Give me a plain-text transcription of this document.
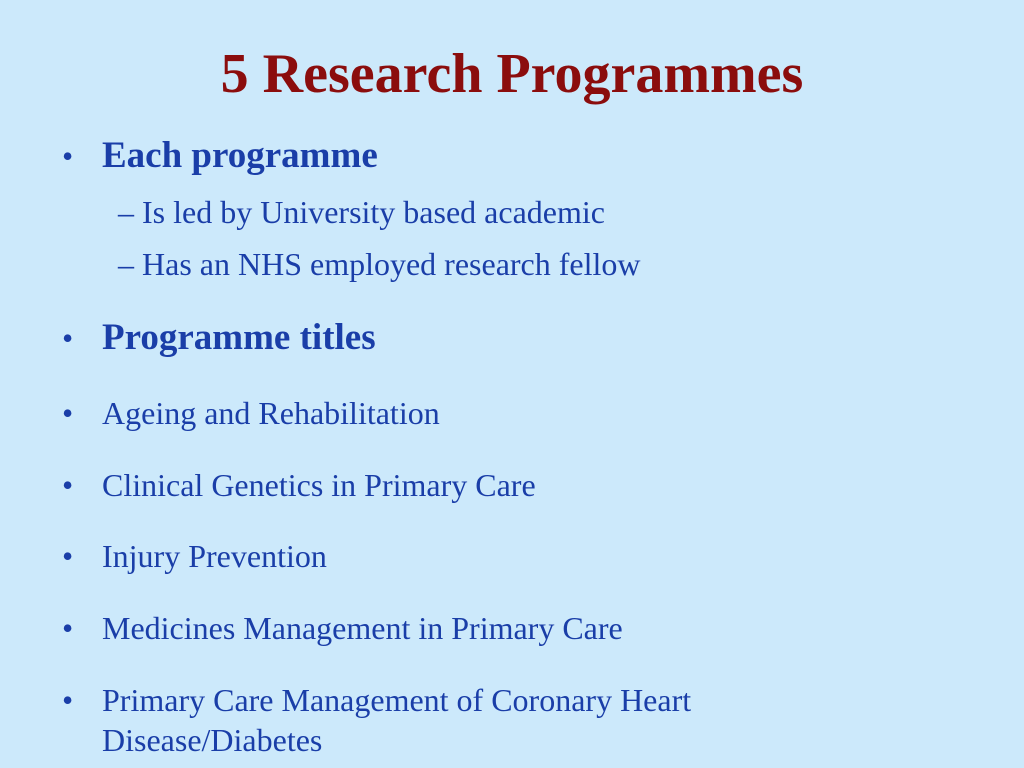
5 Research Programmes
• Each programme
– Is led by University based academic
– Has an NHS employed research fellow
• Programme titles
• Ageing and Rehabilitation
• Clinical Genetics in Primary Care
• Injury Prevention
• Medicines Management in Primary Care
• Primary Care Management of Coronary Heart Disease/Diabetes
